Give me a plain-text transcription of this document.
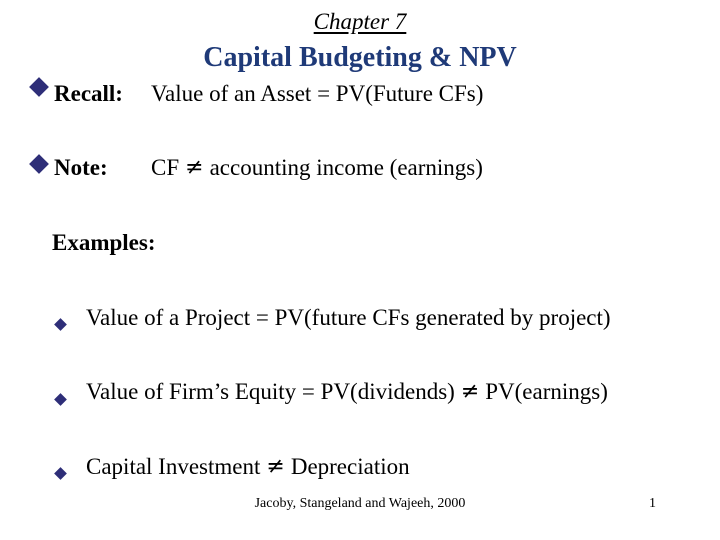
Chapter 7
Capital Budgeting & NPV
Recall: Value of an Asset = PV(Future CFs)
Note: CF ≠ accounting income (earnings)
Examples:
Value of a Project = PV(future CFs generated by project)
Value of Firm’s Equity = PV(dividends) ≠ PV(earnings)
Capital Investment ≠ Depreciation
Jacoby, Stangeland and Wajeeh, 2000	1
